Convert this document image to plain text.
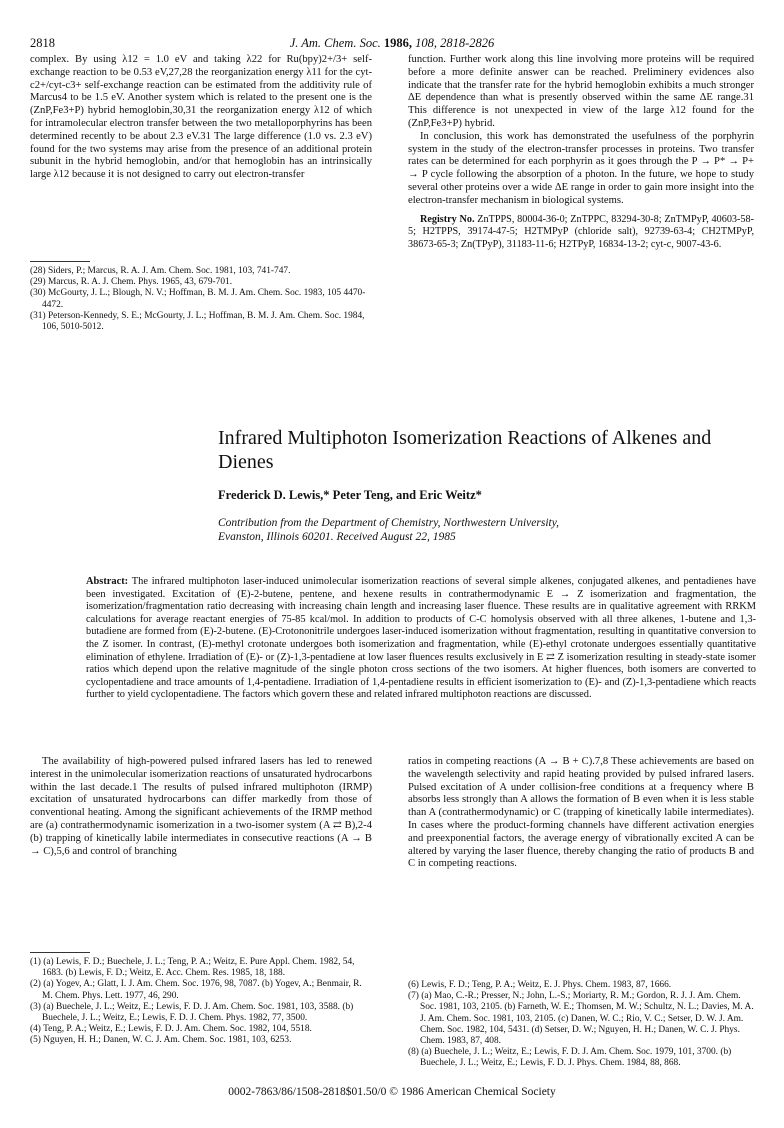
2818	J. Am. Chem. Soc. 1986, 108, 2818-2826

complex. By using λ12 = 1.0 eV and taking λ22 for Ru(bpy)2+/3+ self-exchange reaction to be 0.53 eV,27,28 the reorganization energy λ11 for the cyt-c2+/cyt-c3+ self-exchange reaction can be estimated from the additivity rule of Marcus4 to be 1.5 eV. Another system which is related to the present one is the (ZnP,Fe3+P) hybrid hemoglobin,30,31 the reorganization energy λ12 of which for intramolecular electron transfer between the two metalloporphyrins has been determined recently to be about 2.3 eV.31 The large difference (1.0 vs. 2.3 eV) found for the two systems may arise from the presence of an additional protein subunit in the hybrid hemoglobin, and/or that hemoglobin has an intrinsically large λ12 because it is not designed to carry out electron-transfer

(28) Siders, P.; Marcus, R. A. J. Am. Chem. Soc. 1981, 103, 741-747.
(29) Marcus, R. A. J. Chem. Phys. 1965, 43, 679-701.
(30) McGourty, J. L.; Blough, N. V.; Hoffman, B. M. J. Am. Chem. Soc. 1983, 105 4470-4472.
(31) Peterson-Kennedy, S. E.; McGourty, J. L.; Hoffman, B. M. J. Am. Chem. Soc. 1984, 106, 5010-5012.

function. Further work along this line involving more proteins will be required before a more definite answer can be reached. Preliminery evidences also indicate that the transfer rate for the hybrid hemoglobin exhibits a much stronger ΔE dependence than what is presently observed within the same ΔE range.31 This difference is not unexpected in view of the large λ12 found for the (ZnP,Fe3+P) hybrid.

In conclusion, this work has demonstrated the usefulness of the porphyrin system in the study of the electron-transfer processes in proteins. Two transfer rates can be determined for each porphyrin as it goes through the P → P* → P+ → P cycle following the absorption of a photon. In the future, we hope to study several other proteins over a wide ΔE range in order to gain more insight into the electron-transfer mechanism in biological systems.

Registry No. ZnTPPS, 80004-36-0; ZnTPPC, 83294-30-8; ZnTMPyP, 40603-58-5; H2TPPS, 39174-47-5; H2TMPyP (chloride salt), 92739-63-4; CH2TMPyP, 38673-65-3; Zn(TPyP), 31183-11-6; H2TPyP, 16834-13-2; cyt-c, 9007-43-6.

Infrared Multiphoton Isomerization Reactions of Alkenes and Dienes
Frederick D. Lewis,* Peter Teng, and Eric Weitz*
Contribution from the Department of Chemistry, Northwestern University,
Evanston, Illinois 60201. Received August 22, 1985
Abstract: The infrared multiphoton laser-induced unimolecular isomerization reactions of several simple alkenes, conjugated alkenes, and pentadienes have been investigated. Excitation of (E)-2-butene, pentene, and hexene results in contrathermodynamic E → Z isomerization and fragmentation, the isomerization/fragmentation ratio decreasing with increasing chain length and increasing laser fluence. These results are in qualitative agreement with RRKM calculations for average reactant energies of 75-85 kcal/mol. In addition to products of C-C homolysis observed with all three alkenes, 1-butene and 1,3-butadiene are formed from (E)-2-butene. (E)-Crotononitrile undergoes laser-induced isomerization without fragmentation, resulting in quantitative conversion to the Z isomer. In contrast, (E)-methyl crotonate undergoes both isomerization and fragmentation, while (E)-ethyl crotonate undergoes essentially quantitative elimination of ethylene. Irradiation of (E)- or (Z)-1,3-pentadiene at low laser fluences results exclusively in E ⇄ Z isomerization resulting in steady-state isomer ratios which depend upon the relative magnitude of the single photon cross sections of the two isomers. At higher fluences, both isomers are converted to cyclopentadiene and trace amounts of 1,4-pentadiene. Irradiation of 1,4-pentadiene results in efficient isomerization to (E)- and (Z)-1,3-pentadiene which reacts further to yield cyclopentadiene. The factors which govern these and related infrared multiphoton reactions are discussed.

The availability of high-powered pulsed infrared lasers has led to renewed interest in the unimolecular isomerization reactions of unsaturated hydrocarbons within the last decade.1 The results of pulsed infrared multiphoton (IRMP) excitation of unsaturated hydrocarbons can differ markedly from those of conventional heating. Among the significant achievements of the IRMP method are (a) contrathermodynamic isomerization in a two-isomer system (A ⇄ B),2-4 (b) trapping of kinetically labile intermediates in consecutive reactions (A → B → C),5,6 and control of branching

ratios in competing reactions (A → B + C).7,8 These achievements are based on the wavelength selectivity and rapid heating provided by pulsed infrared lasers. Pulsed excitation of A under collision-free conditions at a frequency where B absorbs less strongly than A allows the formation of B even when it is less stable than A (contrathermodynamic) or C (trapping of kinetically labile intermediates). In cases where the product-forming channels have different activation energies and preexponential factors, the average energy of vibrationally excited A can be altered by varying the laser fluence, thereby changing the ratio of products B and C in competing reactions.

(1) (a) Lewis, F. D.; Buechele, J. L.; Teng, P. A.; Weitz, E. Pure Appl. Chem. 1982, 54, 1683. (b) Lewis, F. D.; Weitz, E. Acc. Chem. Res. 1985, 18, 188.
(2) (a) Yogev, A.; Glatt, I. J. Am. Chem. Soc. 1976, 98, 7087. (b) Yogev, A.; Benmair, R. M. Chem. Phys. Lett. 1977, 46, 290.
(3) (a) Buechele, J. L.; Weitz, E.; Lewis, F. D. J. Am. Chem. Soc. 1981, 103, 3588. (b) Buechele, J. L.; Weitz, E.; Lewis, F. D. J. Chem. Phys. 1982, 77, 3500.
(4) Teng, P. A.; Weitz, E.; Lewis, F. D. J. Am. Chem. Soc. 1982, 104, 5518.
(5) Nguyen, H. H.; Danen, W. C. J. Am. Chem. Soc. 1981, 103, 6253.
(6) Lewis, F. D.; Teng, P. A.; Weitz, E. J. Phys. Chem. 1983, 87, 1666.
(7) (a) Mao, C.-R.; Presser, N.; John, L.-S.; Moriarty, R. M.; Gordon, R. J. J. Am. Chem. Soc. 1981, 103, 2105. (b) Farneth, W. E.; Thomsen, M. W.; Schultz, N. L.; Davies, M. A. J. Am. Chem. Soc. 1981, 103, 2105. (c) Danen, W. C.; Rio, V. C.; Setser, D. W. J. Am. Chem. Soc. 1982, 104, 5431. (d) Setser, D. W.; Nguyen, H. H.; Danen, W. C. J. Phys. Chem. 1983, 87, 408.
(8) (a) Buechele, J. L.; Weitz, E.; Lewis, F. D. J. Am. Chem. Soc. 1979, 101, 3700. (b) Buechele, J. L.; Weitz, E.; Lewis, F. D. J. Phys. Chem. 1984, 88, 868.
0002-7863/86/1508-2818$01.50/0 © 1986 American Chemical Society
